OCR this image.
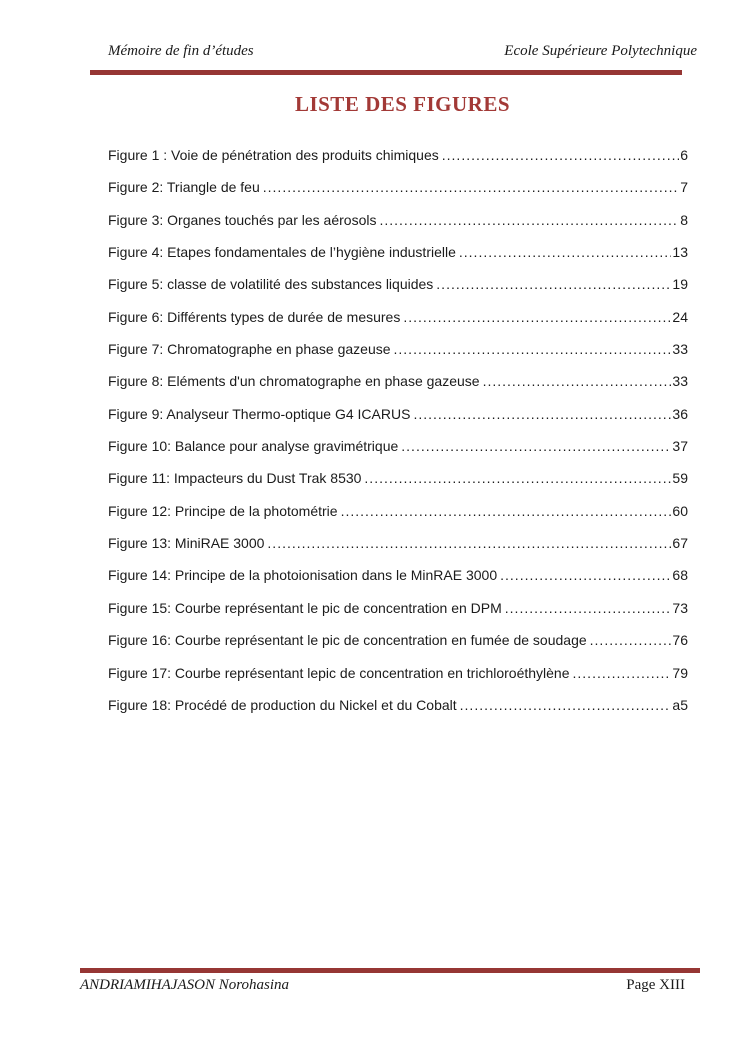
Mémoire de fin d’études	Ecole Supérieure Polytechnique
LISTE DES FIGURES
Figure 1 : Voie de pénétration des produits chimiques .....	6
Figure 2: Triangle de feu .....	7
Figure 3: Organes touchés par les aérosols .....	8
Figure 4: Etapes fondamentales de l’hygiène industrielle .....	13
Figure 5: classe de volatilité des substances liquides .....	19
Figure 6: Différents types de durée de mesures .....	24
Figure 7: Chromatographe en phase gazeuse .....	33
Figure 8: Eléments d'un chromatographe en phase gazeuse .....	33
Figure 9: Analyseur Thermo-optique G4 ICARUS .....	36
Figure 10: Balance pour analyse gravimétrique .....	37
Figure 11: Impacteurs du Dust Trak 8530 .....	59
Figure 12: Principe de la photométrie .....	60
Figure 13: MiniRAE 3000 .....	67
Figure 14: Principe de la photoionisation dans le MinRAE 3000 .....	68
Figure 15: Courbe représentant le pic de concentration en DPM .....	73
Figure 16: Courbe représentant le pic de concentration en fumée de soudage .....	76
Figure 17: Courbe représentant lepic de concentration en trichloroéthylène .....	79
Figure 18: Procédé de production du Nickel et du Cobalt .....	a5
ANDRIAMIHAJASON Norohasina	Page XIII
